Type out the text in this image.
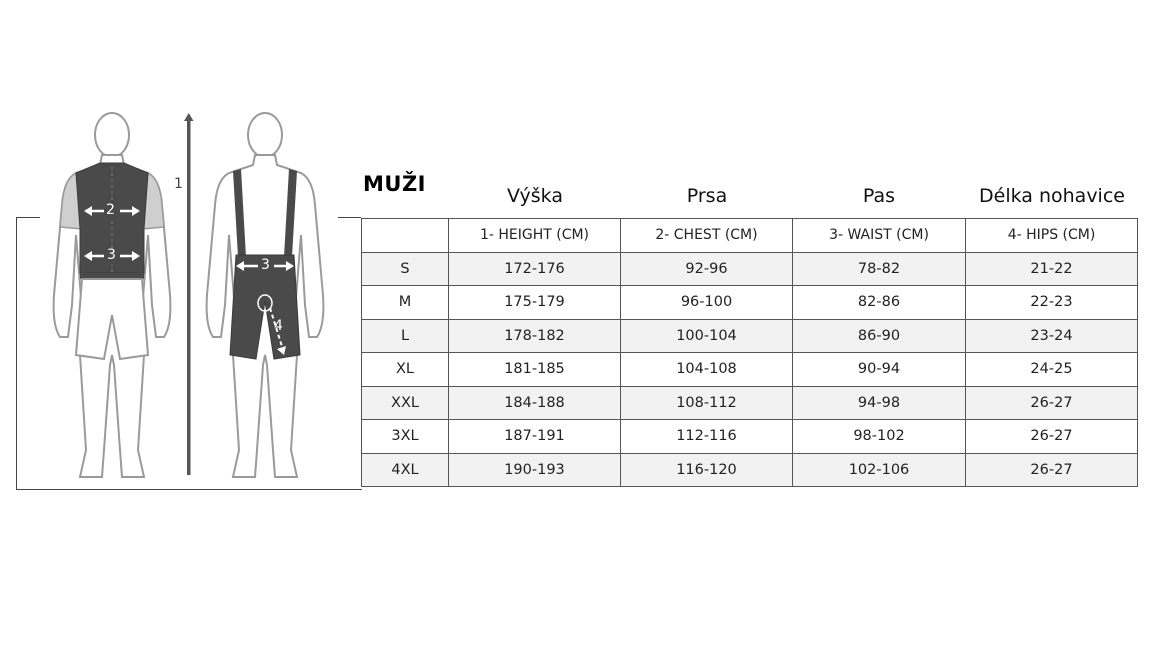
1
2
3
3
4
MUŽI	Výška	Prsa	Pas	Délka nohavice
	1- HEIGHT (CM)	2- CHEST (CM)	3- WAIST (CM)	4- HIPS (CM)
S	172-176	92-96	78-82	21-22
M	175-179	96-100	82-86	22-23
L	178-182	100-104	86-90	23-24
XL	181-185	104-108	90-94	24-25
XXL	184-188	108-112	94-98	26-27
3XL	187-191	112-116	98-102	26-27
4XL	190-193	116-120	102-106	26-27
